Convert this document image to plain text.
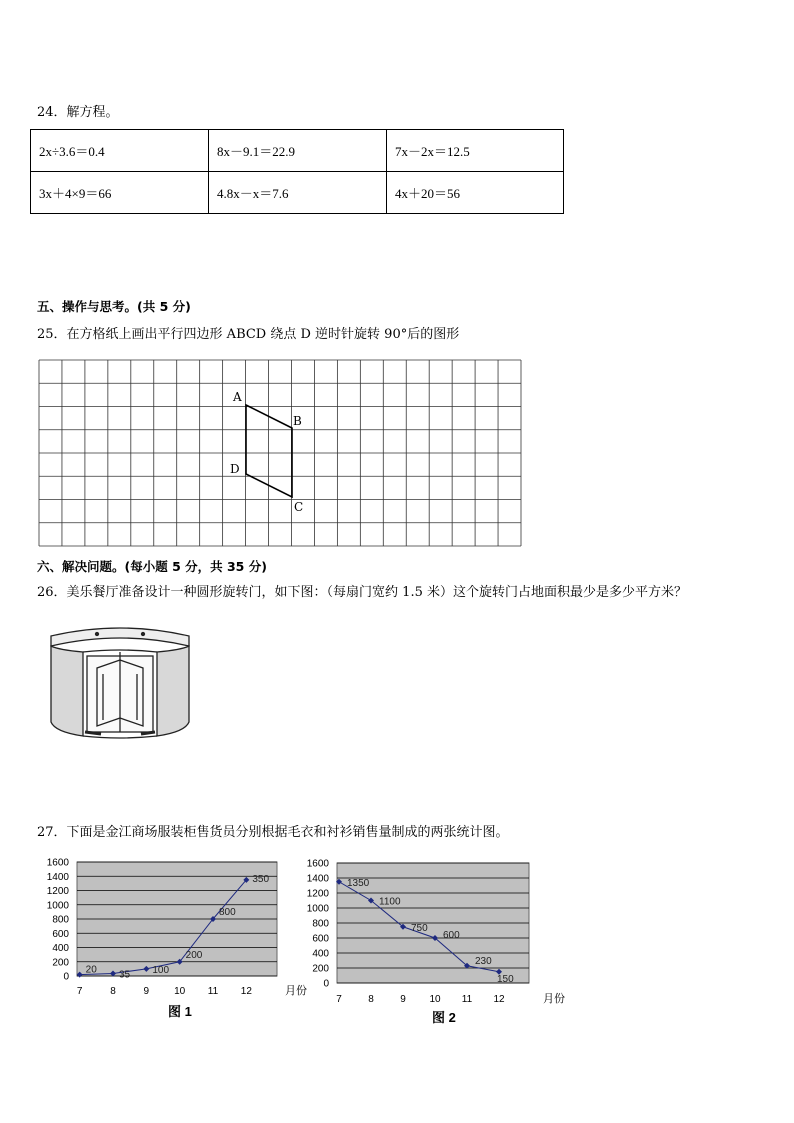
24．解方程。
2x÷3.6＝0.4	8x－9.1＝22.9	7x－2x＝12.5
3x＋4×9＝66	4.8x－x＝7.6	4x＋20＝56
五、操作与思考。(共 5 分)
25．在方格纸上画出平行四边形 ABCD 绕点 D 逆时针旋转 90°后的图形
A
B
C
D
六、解决问题。(每小题 5 分，共 35 分)
26．美乐餐厅准备设计一种圆形旋转门，如下图：（每扇门宽约 1.5 米）这个旋转门占地面积最少是多少平方米？
27．下面是金江商场服装柜售货员分别根据毛衣和衬衫销售量制成的两张统计图。
0
200
400
600
800
1000
1200
1400
1600
7	8	9 10 11 12
20 35 100
200
800
350
月份
图 1
0
200
400
600
800
1000
1200
1400
1600
7	8	9 10 11 12
1350
1100
750
600
230
150
月份
图 2
